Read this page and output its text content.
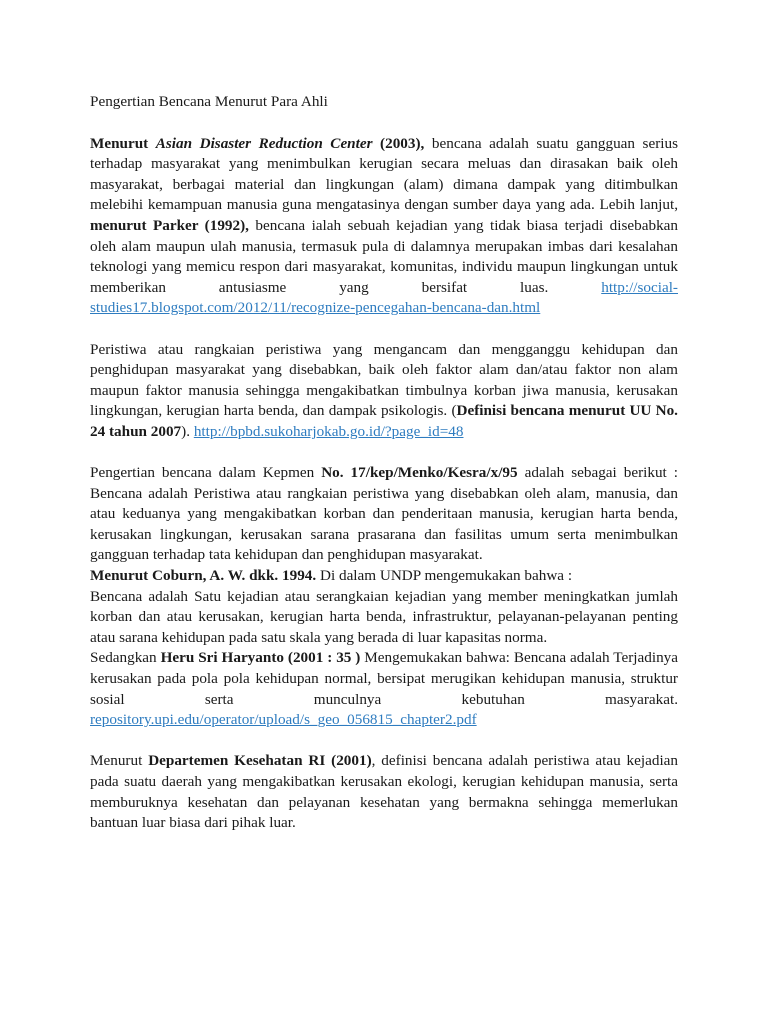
Pengertian Bencana Menurut Para Ahli

Menurut Asian Disaster Reduction Center (2003), bencana adalah suatu gangguan serius terhadap masyarakat yang menimbulkan kerugian secara meluas dan dirasakan baik oleh masyarakat, berbagai material dan lingkungan (alam) dimana dampak yang ditimbulkan melebihi kemampuan manusia guna mengatasinya dengan sumber daya yang ada. Lebih lanjut, menurut Parker (1992), bencana ialah sebuah kejadian yang tidak biasa terjadi disebabkan oleh alam maupun ulah manusia, termasuk pula di dalamnya merupakan imbas dari kesalahan teknologi yang memicu respon dari masyarakat, komunitas, individu maupun lingkungan untuk memberikan antusiasme yang bersifat luas. http://social-studies17.blogspot.com/2012/11/recognize-pencegahan-bencana-dan.html

Peristiwa atau rangkaian peristiwa yang mengancam dan mengganggu kehidupan dan penghidupan masyarakat yang disebabkan, baik oleh faktor alam dan/atau faktor non alam maupun faktor manusia sehingga mengakibatkan timbulnya korban jiwa manusia, kerusakan lingkungan, kerugian harta benda, dan dampak psikologis. (Definisi bencana menurut UU No. 24 tahun 2007). http://bpbd.sukoharjokab.go.id/?page_id=48

Pengertian bencana dalam Kepmen No. 17/kep/Menko/Kesra/x/95 adalah sebagai berikut : Bencana adalah Peristiwa atau rangkaian peristiwa yang disebabkan oleh alam, manusia, dan atau keduanya yang mengakibatkan korban dan penderitaan manusia, kerugian harta benda, kerusakan lingkungan, kerusakan sarana prasarana dan fasilitas umum serta menimbulkan gangguan terhadap tata kehidupan dan penghidupan masyarakat.

Menurut Coburn, A. W. dkk. 1994. Di dalam UNDP mengemukakan bahwa :

Bencana adalah Satu kejadian atau serangkaian kejadian yang member meningkatkan jumlah korban dan atau kerusakan, kerugian harta benda, infrastruktur, pelayanan-pelayanan penting atau sarana kehidupan pada satu skala yang berada di luar kapasitas norma.

Sedangkan Heru Sri Haryanto (2001 : 35 ) Mengemukakan bahwa: Bencana adalah Terjadinya kerusakan pada pola pola kehidupan normal, bersipat merugikan kehidupan manusia, struktur sosial serta munculnya kebutuhan masyarakat. repository.upi.edu/operator/upload/s_geo_056815_chapter2.pdf

Menurut Departemen Kesehatan RI (2001), definisi bencana adalah peristiwa atau kejadian pada suatu daerah yang mengakibatkan kerusakan ekologi, kerugian kehidupan manusia, serta memburuknya kesehatan dan pelayanan kesehatan yang bermakna sehingga memerlukan bantuan luar biasa dari pihak luar.
